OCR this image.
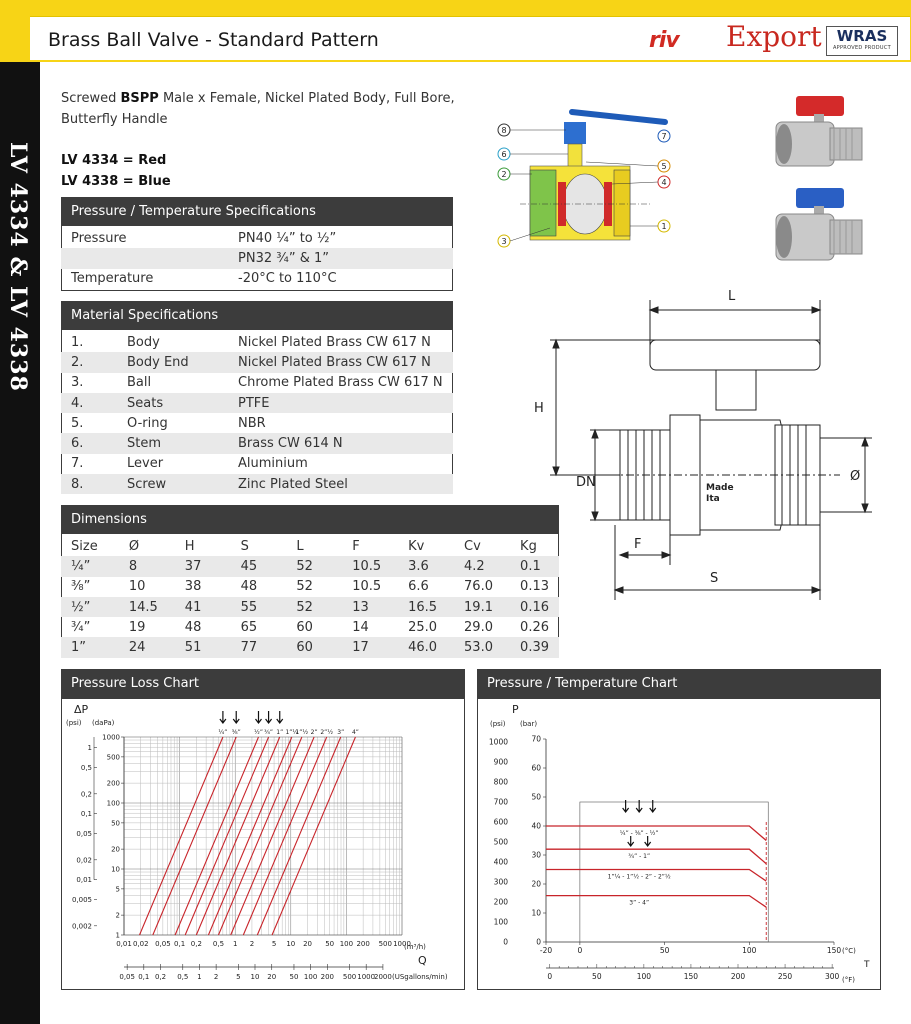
Brass Ball Valve - Standard Pattern	riv Export	WRAS
APPROVED PRODUCT
LV 4334 & LV 4338
Screwed BSPP Male x Female, Nickel Plated Body, Full Bore, Butterfly Handle
LV 4334 = Red
LV 4338 = Blue
Pressure / Temperature Specifications
Pressure	PN40 ¼” to ½”
	PN32 ¾” & 1”
Temperature	-20°C to 110°C
Material Specifications
1.	Body	Nickel Plated Brass CW 617 N
2.	Body End	Nickel Plated Brass CW 617 N
3.	Ball	Chrome Plated Brass CW 617 N
4.	Seats	PTFE
5.	O-ring	NBR
6.	Stem	Brass CW 614 N
7.	Lever	Aluminium
8.	Screw	Zinc Plated Steel
Dimensions
Size	Ø	H	S	L	F	Kv	Cv	Kg
¼”	8	37	45	52	10.5	3.6	4.2	0.1
⅜”	10	38	48	52	10.5	6.6	76.0	0.13
½”	14.5	41	55	52	13	16.5	19.1	0.16
¾”	19	48	65	60	14	25.0	29.0	0.26
1”	24	51	77	60	17	46.0	53.0	0.39
8
6
2
3
7
5
4
1
L
H
DN	Ø
F
S
Made
Ita
Pressure Loss Chart
ΔP
(psi) (daPa)
Q
(m³/h)
(USgallons/min)
¼” ⅜” ½” ¾” 1” 1”¼
1”½ 2” 2”½ 3” 4”
1000
500
200
100
50
20
10
5
2
1
1
0,5
0,2
0,1
0,05
0,02
0,01
0,005
0,002
0,01 0,02 0,05 0,1 0,2 0,5 1 2	5 10 20 50 100 200 500 1000
0,05 0,1 0,2 0,5 1 2	5 10 20 50 100 200 500 1000
2000
Pressure / Temperature Chart
P
(psi) (bar)
T
(°C)
(°F)
70
60
50
40
30
20
10
0
1000
900
800
700
600
500
400
300
200
100
0
-20	0	50	100	150
0	50	100	150	200	250	300
¼” - ⅜” - ½”
¾” - 1”
1”¼ - 1”½ - 2” - 2”½
3” - 4”
